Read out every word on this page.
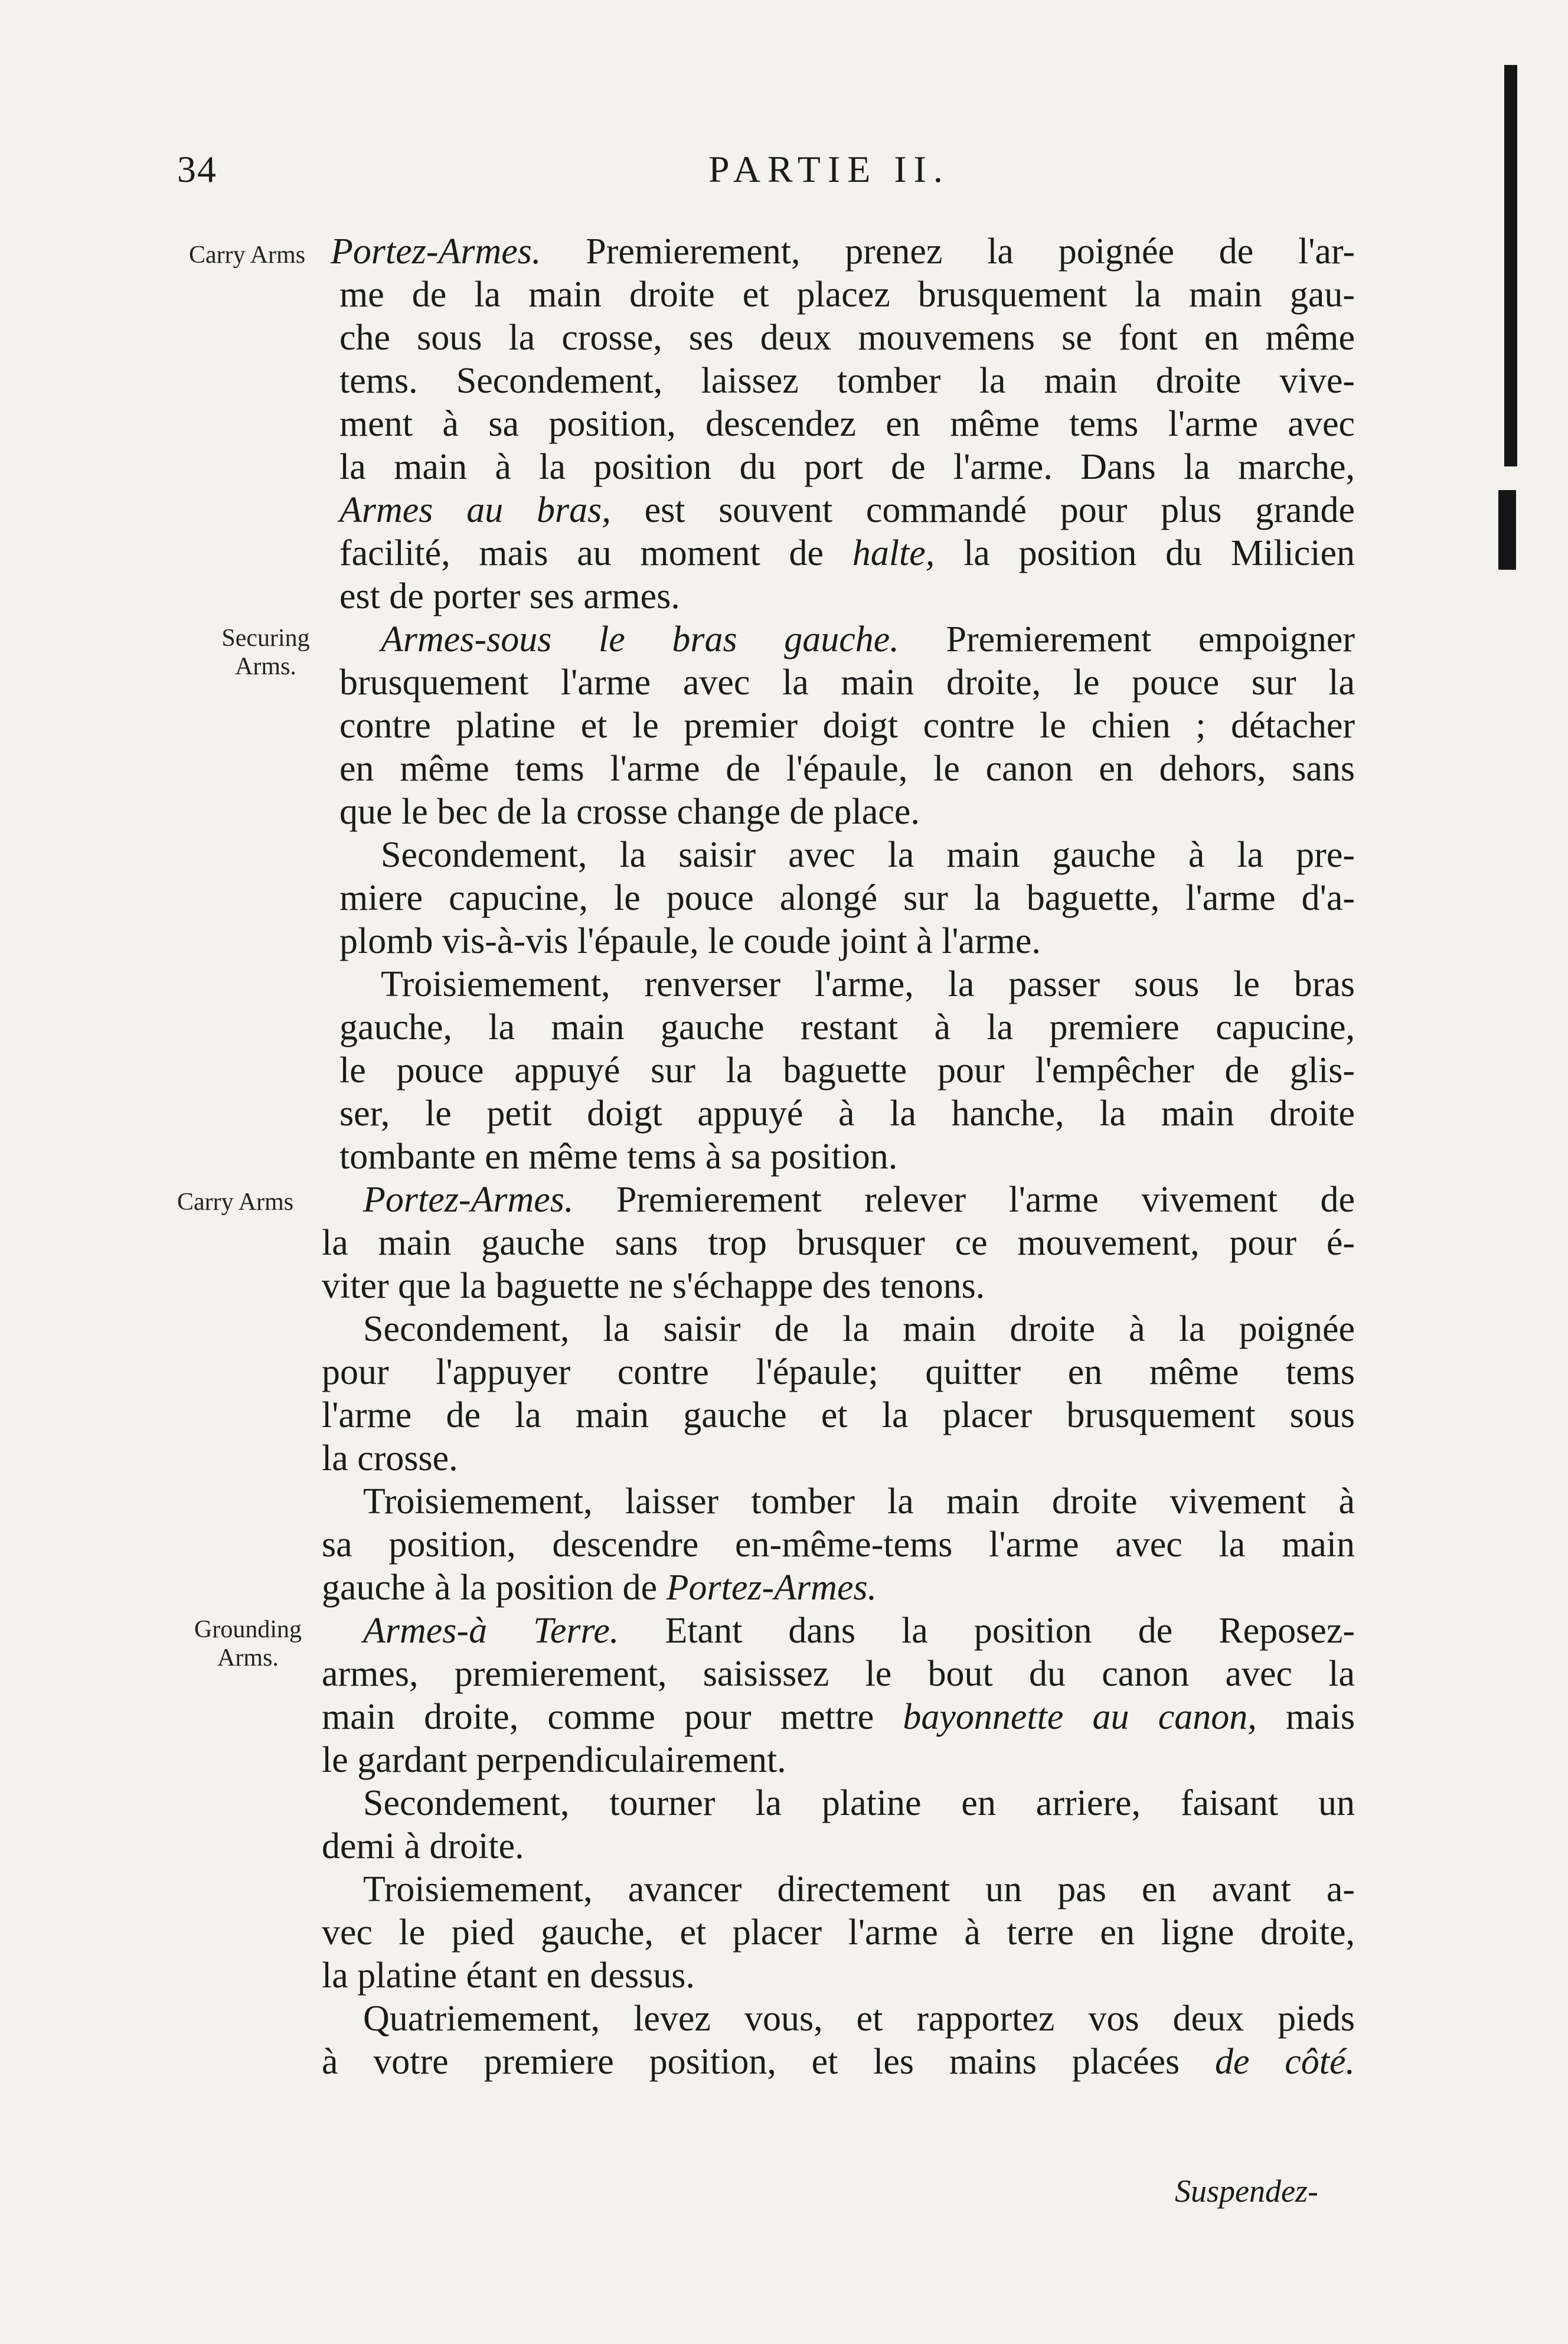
34	PARTIE II.
Carry Arms Portez-Armes. Premierement, prenez la poignée de l'ar-
me de la main droite et placez brusquement la main gau-
che sous la crosse, ses deux mouvemens se font en même
tems. Secondement, laissez tomber la main droite vive-
ment à sa position, descendez en même tems l'arme avec
la main à la position du port de l'arme. Dans la marche,
Armes au bras, est souvent commandé pour plus grande
facilité, mais au moment de halte, la position du Milicien
est de porter ses armes.
Securing
Arms.
Armes-sous le bras gauche. Premierement empoigner
brusquement l'arme avec la main droite, le pouce sur la
contre platine et le premier doigt contre le chien ; détacher
en même tems l'arme de l'épaule, le canon en dehors, sans
que le bec de la crosse change de place.
Secondement, la saisir avec la main gauche à la pre-
miere capucine, le pouce alongé sur la baguette, l'arme d'a-
plomb vis-à-vis l'épaule, le coude joint à l'arme.
Troisiemement, renverser l'arme, la passer sous le bras
gauche, la main gauche restant à la premiere capucine,
le pouce appuyé sur la baguette pour l'empêcher de glis-
ser, le petit doigt appuyé à la hanche, la main droite
tombante en même tems à sa position.
Carry Arms	Portez-Armes. Premierement relever l'arme vivement de
la main gauche sans trop brusquer ce mouvement, pour é-
viter que la baguette ne s'échappe des tenons.
Secondement, la saisir de la main droite à la poignée
pour l'appuyer contre l'épaule; quitter en même tems
l'arme de la main gauche et la placer brusquement sous
la crosse.
Troisiemement, laisser tomber la main droite vivement à
sa position, descendre en-même-tems l'arme avec la main
gauche à la position de Portez-Armes.
Grounding
Arms.
Armes-à Terre. Etant dans la position de Reposez-
armes, premierement, saisissez le bout du canon avec la
main droite, comme pour mettre bayonnette au canon, mais
le gardant perpendiculairement.
Secondement, tourner la platine en arriere, faisant un
demi à droite.
Troisiemement, avancer directement un pas en avant a-
vec le pied gauche, et placer l'arme à terre en ligne droite,
la platine étant en dessus.
Quatriemement, levez vous, et rapportez vos deux pieds
à votre premiere position, et les mains placées de côté.
Suspendez-
